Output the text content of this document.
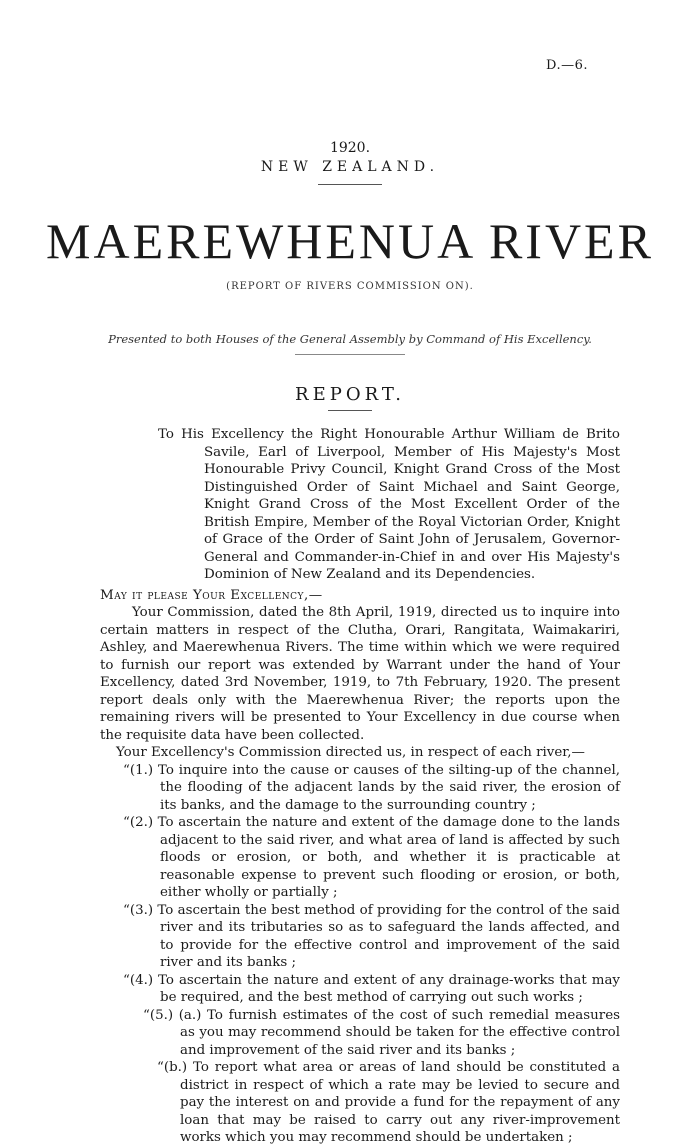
D.—6.
1920.
NEW ZEALAND.
MAEREWHENUA RIVER
(REPORT OF RIVERS COMMISSION ON).
Presented to both Houses of the General Assembly by Command of His Excellency.
REPORT.

To His Excellency the Right Honourable Arthur William de Brito Savile, Earl of Liverpool, Member of His Majesty's Most Honourable Privy Council, Knight Grand Cross of the Most Distinguished Order of Saint Michael and Saint George, Knight Grand Cross of the Most Excellent Order of the British Empire, Member of the Royal Victorian Order, Knight of Grace of the Order of Saint John of Jerusalem, Governor-General and Commander-in-Chief in and over His Majesty's Dominion of New Zealand and its Dependencies.

May it please Your Excellency,—

Your Commission, dated the 8th April, 1919, directed us to inquire into certain matters in respect of the Clutha, Orari, Rangitata, Waimakariri, Ashley, and Maerewhenua Rivers. The time within which we were required to furnish our report was extended by Warrant under the hand of Your Excellency, dated 3rd November, 1919, to 7th February, 1920. The present report deals only with the Maerewhenua River; the reports upon the remaining rivers will be presented to Your Excellency in due course when the requisite data have been collected.

Your Excellency's Commission directed us, in respect of each river,—

“(1.) To inquire into the cause or causes of the silting-up of the channel, the flooding of the adjacent lands by the said river, the erosion of its banks, and the damage to the surrounding country ;

“(2.) To ascertain the nature and extent of the damage done to the lands adjacent to the said river, and what area of land is affected by such floods or erosion, or both, and whether it is practicable at reasonable expense to prevent such flooding or erosion, or both, either wholly or partially ;

“(3.) To ascertain the best method of providing for the control of the said river and its tributaries so as to safeguard the lands affected, and to provide for the effective control and improvement of the said river and its banks ;

“(4.) To ascertain the nature and extent of any drainage-works that may be required, and the best method of carrying out such works ;

“(5.) (a.) To furnish estimates of the cost of such remedial measures as you may recommend should be taken for the effective control and improvement of the said river and its banks ;

“(b.) To report what area or areas of land should be constituted a district in respect of which a rate may be levied to secure and pay the interest on and provide a fund for the repayment of any loan that may be raised to carry out any river-improvement works which you may recommend should be undertaken ;
